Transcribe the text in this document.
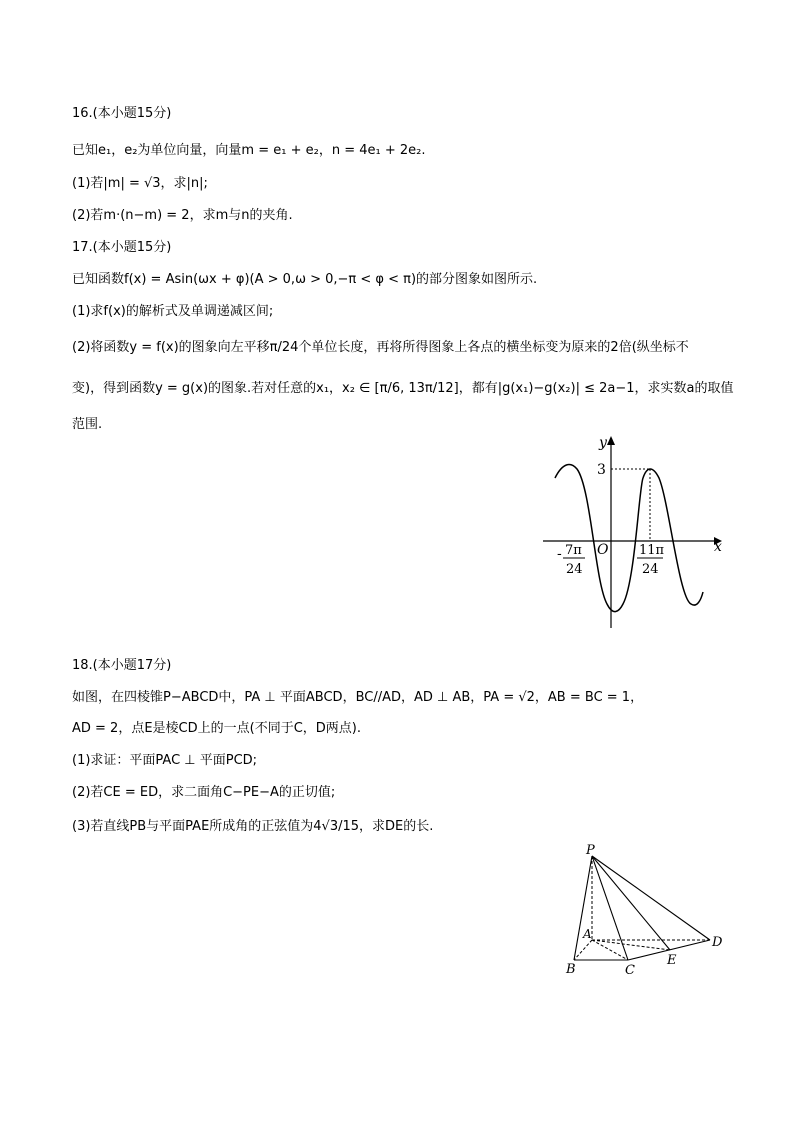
16.(本小题15分)
已知e₁，e₂为单位向量，向量m = e₁ + e₂，n = 4e₁ + 2e₂.
(1)若|m| = √3，求|n|;
(2)若m·(n−m) = 2，求m与n的夹角.
17.(本小题15分)
已知函数f(x) = Asin(ωx + φ)(A > 0,ω > 0,−π < φ < π)的部分图象如图所示.
(1)求f(x)的解析式及单调递减区间;
(2)将函数y = f(x)的图象向左平移π/24个单位长度，再将所得图象上各点的横坐标变为原来的2倍(纵坐标不
变)，得到函数y = g(x)的图象.若对任意的x₁，x₂ ∈ [π/6, 13π/12]，都有|g(x₁)−g(x₂)| ≤ 2a−1，求实数a的取值
范围.
y
x
O
3
- 7π
24
11π
24
18.(本小题17分)
如图，在四棱锥P−ABCD中，PA ⊥ 平面ABCD，BC//AD，AD ⊥ AB，PA = √2，AB = BC = 1，
AD = 2，点E是棱CD上的一点(不同于C，D两点).
(1)求证：平面PAC ⊥ 平面PCD;
(2)若CE = ED，求二面角C−PE−A的正切值;
(3)若直线PB与平面PAE所成角的正弦值为4√3/15，求DE的长.
P
A
B	C
E
D
